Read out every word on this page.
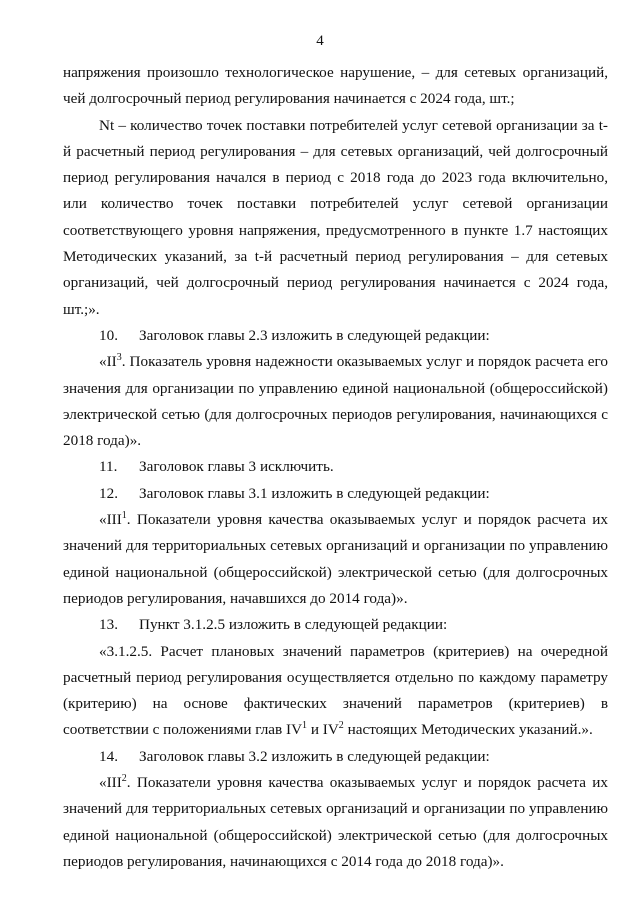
4

напряжения произошло технологическое нарушение, – для сетевых организаций, чей долгосрочный период регулирования начинается с 2024 года, шт.;

Nt – количество точек поставки потребителей услуг сетевой организации за t-й расчетный период регулирования – для сетевых организаций, чей долгосрочный период регулирования начался в период с 2018 года до 2023 года включительно, или количество точек поставки потребителей услуг сетевой организации соответствующего уровня напряжения, предусмотренного в пункте 1.7 настоящих Методических указаний, за t-й расчетный период регулирования – для сетевых организаций, чей долгосрочный период регулирования начинается с 2024 года, шт.;».

10. Заголовок главы 2.3 изложить в следующей редакции:

«$II^3$. Показатель уровня надежности оказываемых услуг и порядок расчета его значения для организации по управлению единой национальной (общероссийской) электрической сетью (для долгосрочных периодов регулирования, начинающихся с 2018 года)».

11. Заголовок главы 3 исключить.

12. Заголовок главы 3.1 изложить в следующей редакции:

«III$^1$. Показатели уровня качества оказываемых услуг и порядок расчета их значений для территориальных сетевых организаций и организации по управлению единой национальной (общероссийской) электрической сетью (для долгосрочных периодов регулирования, начавшихся до 2014 года)».

13. Пункт 3.1.2.5 изложить в следующей редакции:

«3.1.2.5. Расчет плановых значений параметров (критериев) на очередной расчетный период регулирования осуществляется отдельно по каждому параметру (критерию) на основе фактических значений параметров (критериев) в соответствии с положениями глав $IV^1$ и $IV^2$ настоящих Методических указаний.».

14. Заголовок главы 3.2 изложить в следующей редакции:

«III$^2$. Показатели уровня качества оказываемых услуг и порядок расчета их значений для территориальных сетевых организаций и организации по управлению единой национальной (общероссийской) электрической сетью (для долгосрочных периодов регулирования, начинающихся с 2014 года до 2018 года)».
